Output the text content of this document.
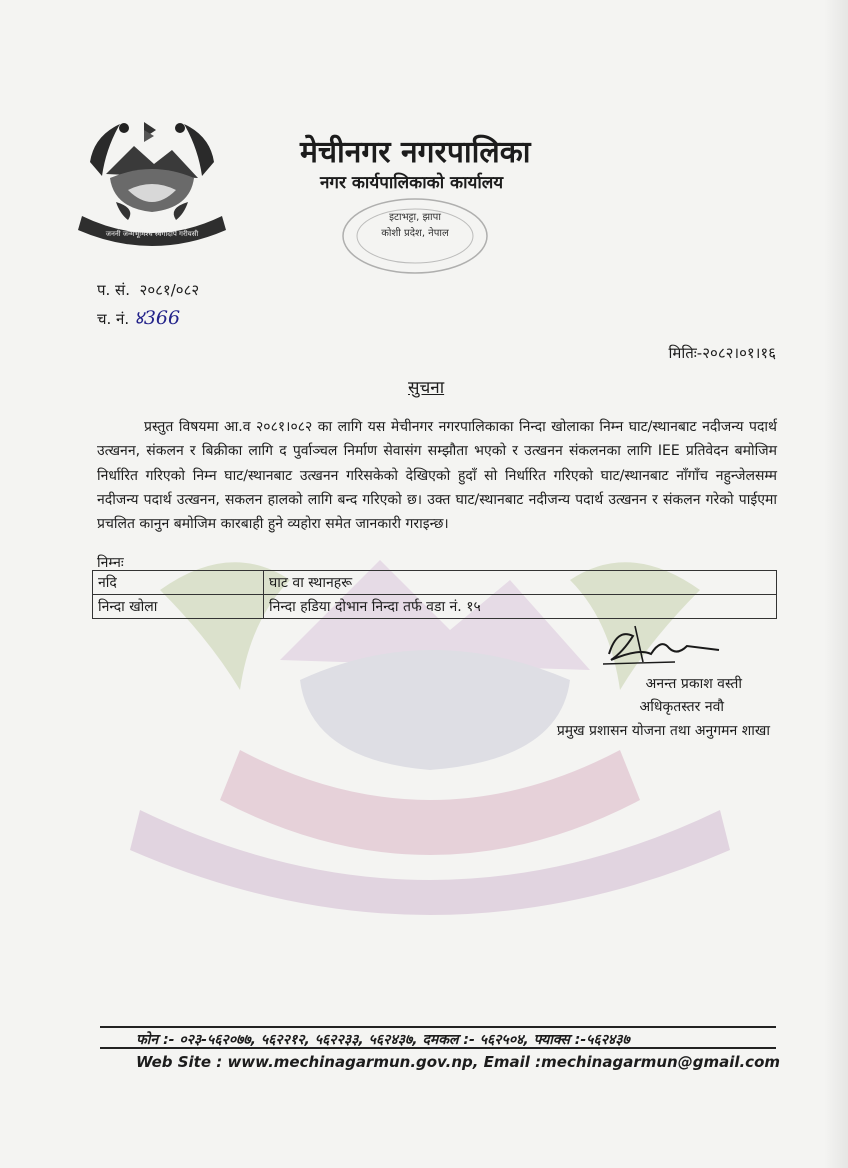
जननी जन्मभूमिश्च स्वर्गादपि गरीयसी
मेचीनगर नगरपालिका
नगर कार्यपालिकाको कार्यालय
इटाभट्टा, झापा
कोशी प्रदेश, नेपाल
प. सं. २०८१/०८२
च. नं. ४366
मितिः-२०८२।०१।१६
सुचना
प्रस्तुत विषयमा आ.व २०८१।०८२ का लागि यस मेचीनगर नगरपालिकाका निन्दा खोलाका निम्न घाट/स्थानबाट नदीजन्य पदार्थ उत्खनन, संकलन र बिक्रीका लागि द पुर्वाञ्चल निर्माण सेवासंग सम्झौता भएको र उत्खनन संकलनका लागि IEE प्रतिवेदन बमोजिम निर्धारित गरिएको निम्न घाट/स्थानबाट उत्खनन गरिसकेको देखिएको हुदाँ सो निर्धारित गरिएको घाट/स्थानबाट नाँगाँच नहुन्जेलसम्म नदीजन्य पदार्थ उत्खनन, सकलन हालको लागि बन्द गरिएको छ। उक्त घाट/स्थानबाट नदीजन्य पदार्थ उत्खनन र संकलन गरेको पाईएमा प्रचलित कानुन बमोजिम कारबाही हुने व्यहोरा समेत जानकारी गराइन्छ।
निम्नः
नदि	घाट वा स्थानहरू
निन्दा खोला	निन्दा हडिया दोभान निन्दा तर्फ वडा नं. १५
अनन्त प्रकाश वस्ती
अधिकृतस्तर नवौ
प्रमुख प्रशासन योजना तथा अनुगमन शाखा
फोन :- ०२३-५६२०७७, ५६२२१२, ५६२२३३, ५६२४३७, दमकल :- ५६२५०४, फ्याक्स :-५६२४३७
Web Site : www.mechinagarmun.gov.np, Email :mechinagarmun@gmail.com
